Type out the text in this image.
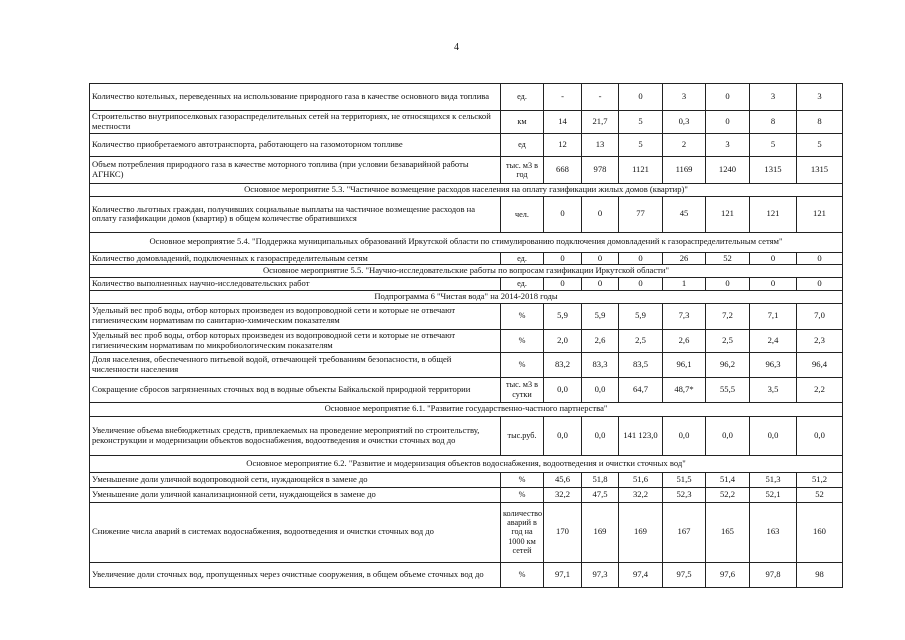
4
Количество котельных, переведенных на использование природного газа в качестве основного вида топлива	ед.	-	-	0	3	0	3	3
Строительство внутрипоселковых газораспределительных сетей на территориях, не относящихся к сельской местности	км	14	21,7	5	0,3	0	8	8
Количество приобретаемого автотранспорта, работающего на газомоторном топливе	ед	12	13	5	2	3	5	5
Объем потребления природного газа в качестве моторного топлива (при условии безаварийной работы АГНКС)	тыс. м3 в год	668	978	1121	1169	1240	1315	1315
Основное мероприятие 5.3. "Частичное возмещение расходов населения на оплату газификации жилых домов (квартир)"								
Количество льготных граждан, получивших социальные выплаты на частичное возмещение расходов на оплату газификации домов (квартир) в общем количестве обратившихся	чел.	0	0	77	45	121	121	121
Основное мероприятие 5.4. "Поддержка муниципальных образований Иркутской области по стимулированию подключения домовладений к газораспределительным сетям"								
Количество домовладений, подключенных к газораспределительным сетям	ед.	0	0	0	26	52	0	0
Основное мероприятие 5.5. "Научно-исследовательские работы по вопросам газификации Иркутской области"								
Количество выполненных научно-исследовательских работ	ед.	0	0	0	1	0	0	0
Подпрограмма 6 "Чистая вода" на 2014-2018 годы								
Удельный вес проб воды, отбор которых произведен из водопроводной сети и которые не отвечают гигиеническим нормативам по санитарно-химическим показателям	%	5,9	5,9	5,9	7,3	7,2	7,1	7,0
Удельный вес проб воды, отбор которых произведен из водопроводной сети и которые не отвечают гигиеническим нормативам по микробиологическим показателям	%	2,0	2,6	2,5	2,6	2,5	2,4	2,3
Доля населения, обеспеченного питьевой водой, отвечающей требованиям безопасности, в общей численности населения	%	83,2	83,3	83,5	96,1	96,2	96,3	96,4
Сокращение сбросов загрязненных сточных вод в водные объекты Байкальской природной территории	тыс. м3 в сутки	0,0	0,0	64,7	48,7*	55,5	3,5	2,2
Основное мероприятие 6.1. "Развитие государственно-частного партнерства"								
Увеличение объема внебюджетных средств, привлекаемых на проведение мероприятий по строительству, реконструкции и модернизации объектов водоснабжения, водоотведения и очистки сточных вод до	тыс.руб.	0,0	0,0	141 123,0	0,0	0,0	0,0	0,0
Основное мероприятие 6.2. "Развитие и модернизация объектов водоснабжения, водоотведения и очистки сточных вод"								
Уменьшение доли уличной водопроводной сети, нуждающейся в замене до	%	45,6	51,8	51,6	51,5	51,4	51,3	51,2
Уменьшение доли уличной канализационной сети, нуждающейся в замене до	%	32,2	47,5	32,2	52,3	52,2	52,1	52
Снижение числа аварий в системах водоснабжения, водоотведения и очистки сточных вод до	количество аварий в год на 1000 км сетей	170	169	169	167	165	163	160
Увеличение доли сточных вод, пропущенных через очистные сооружения, в общем объеме сточных вод до	%	97,1	97,3	97,4	97,5	97,6	97,8	98
